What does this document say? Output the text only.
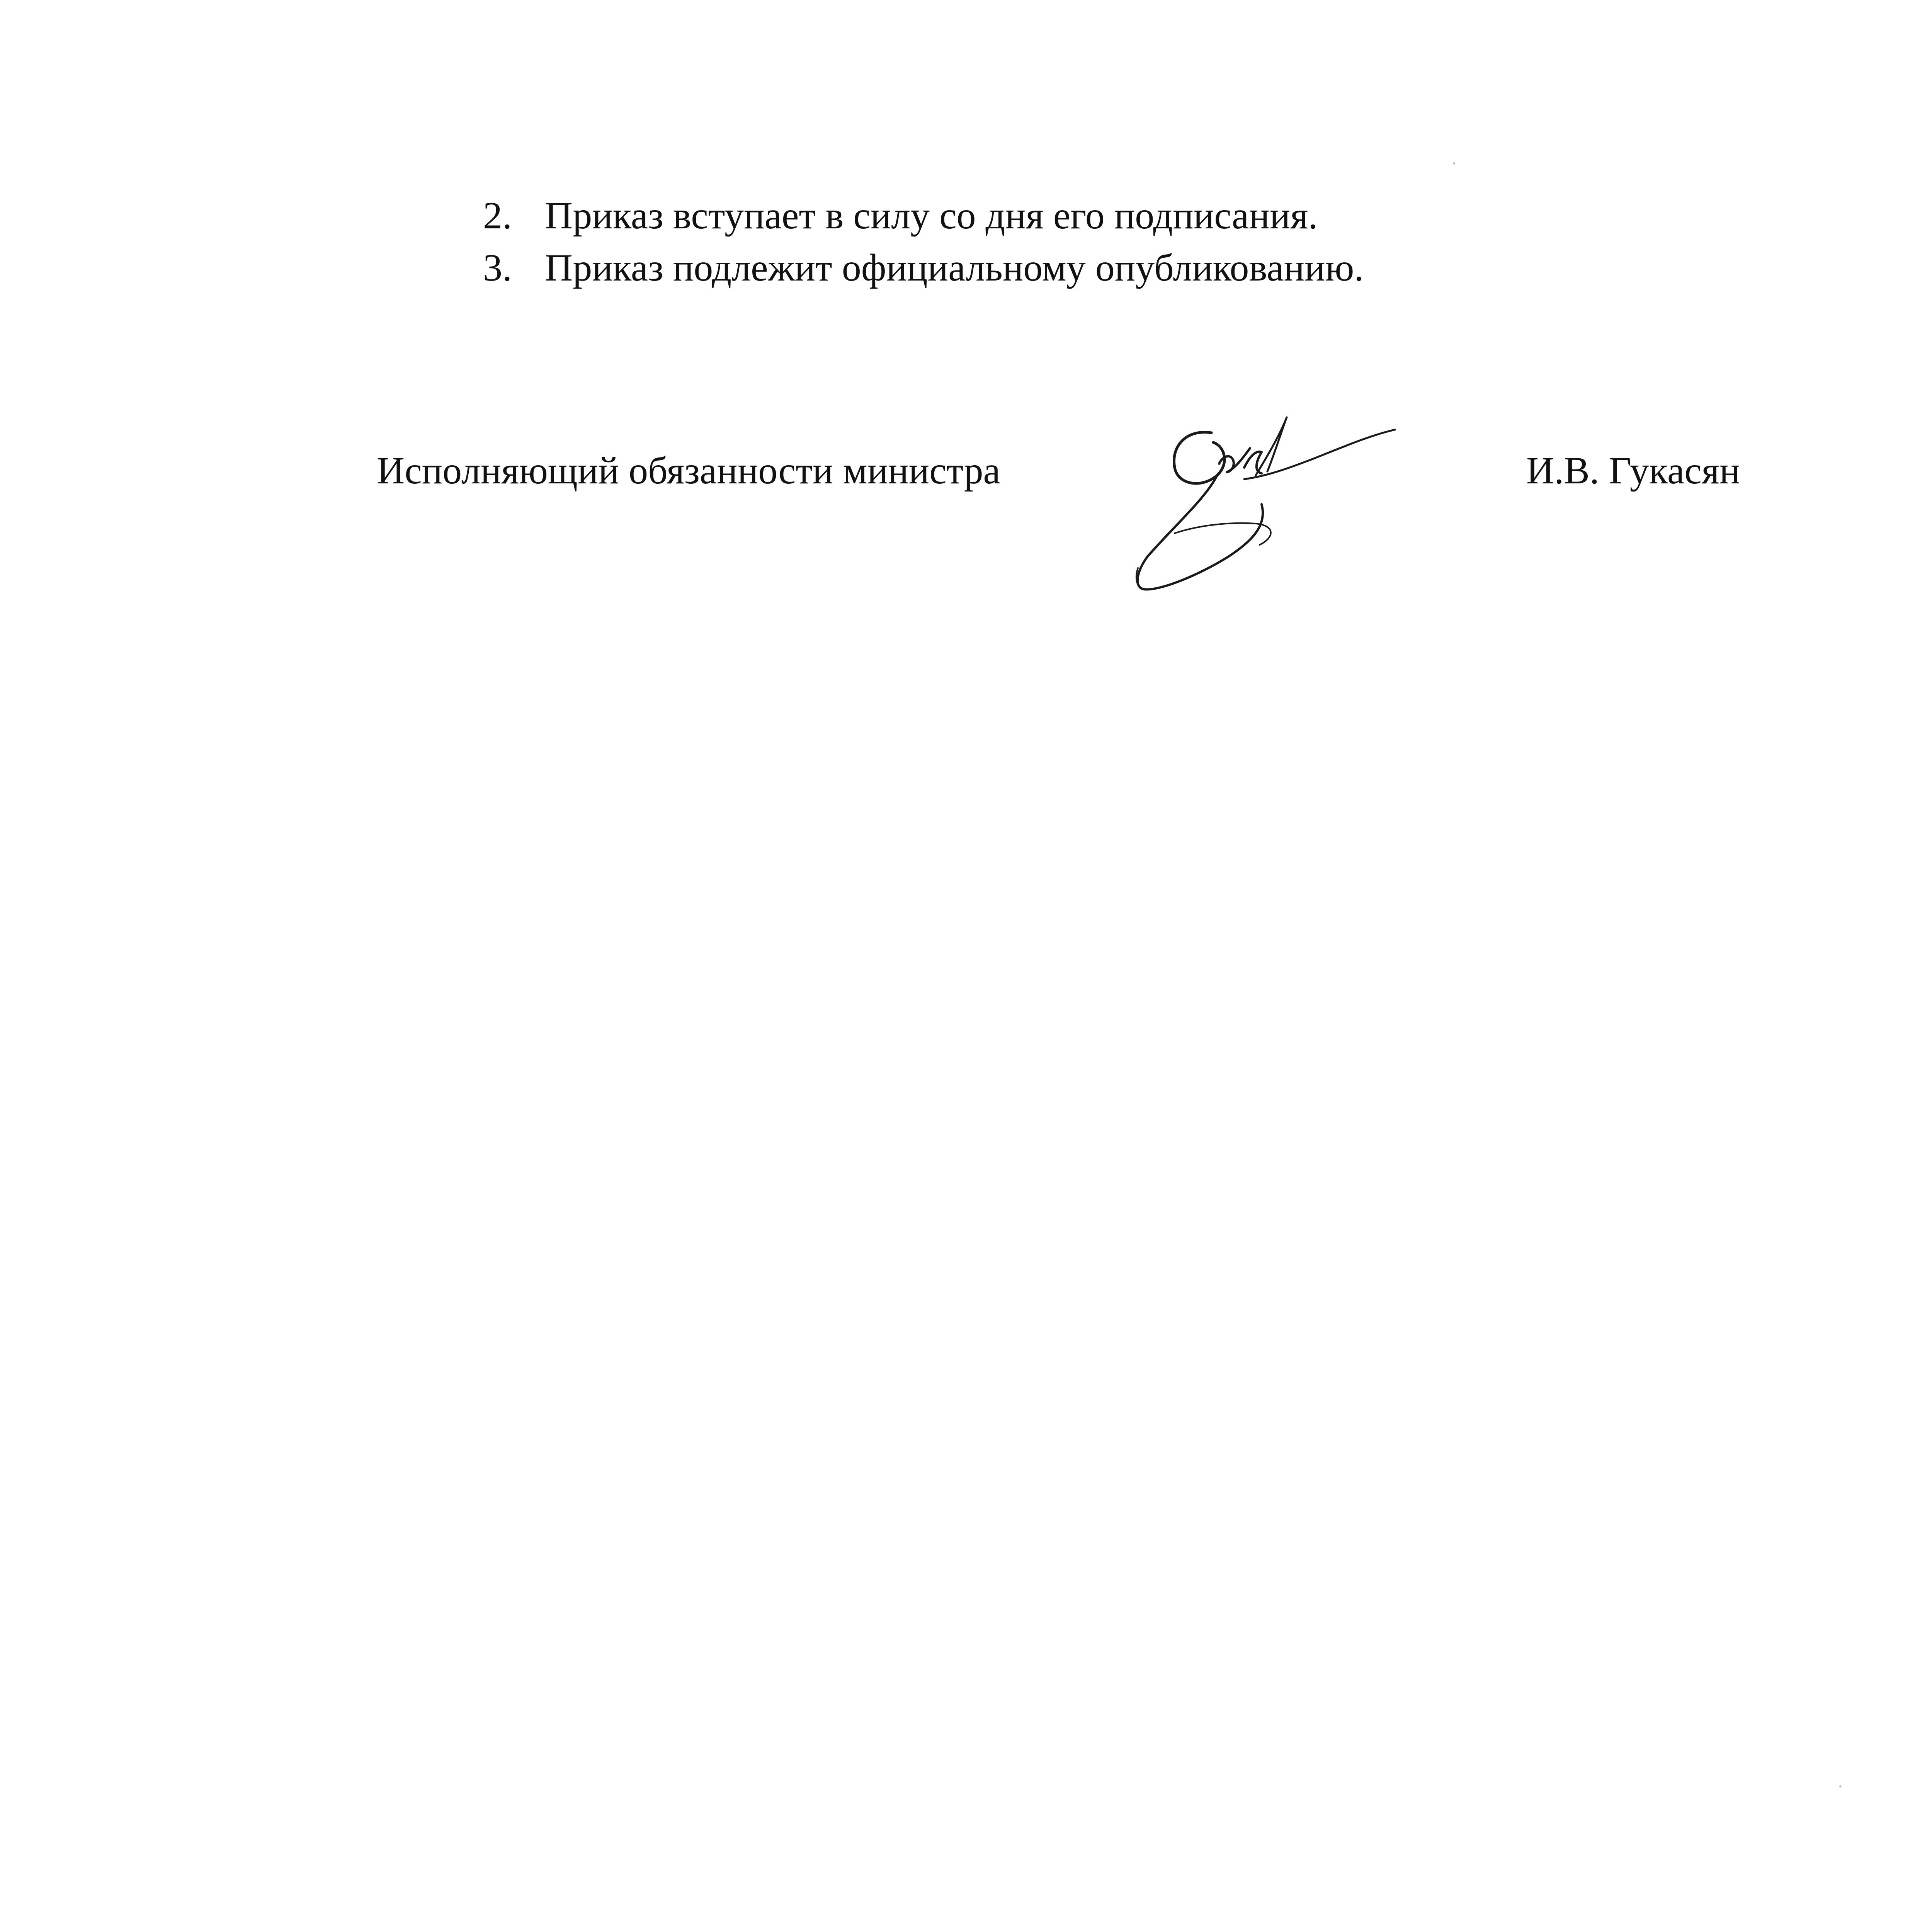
2. Приказ вступает в силу со дня его подписания.
3. Приказ подлежит официальному опубликованию.
Исполняющий обязанности министра	И.В. Гукасян
